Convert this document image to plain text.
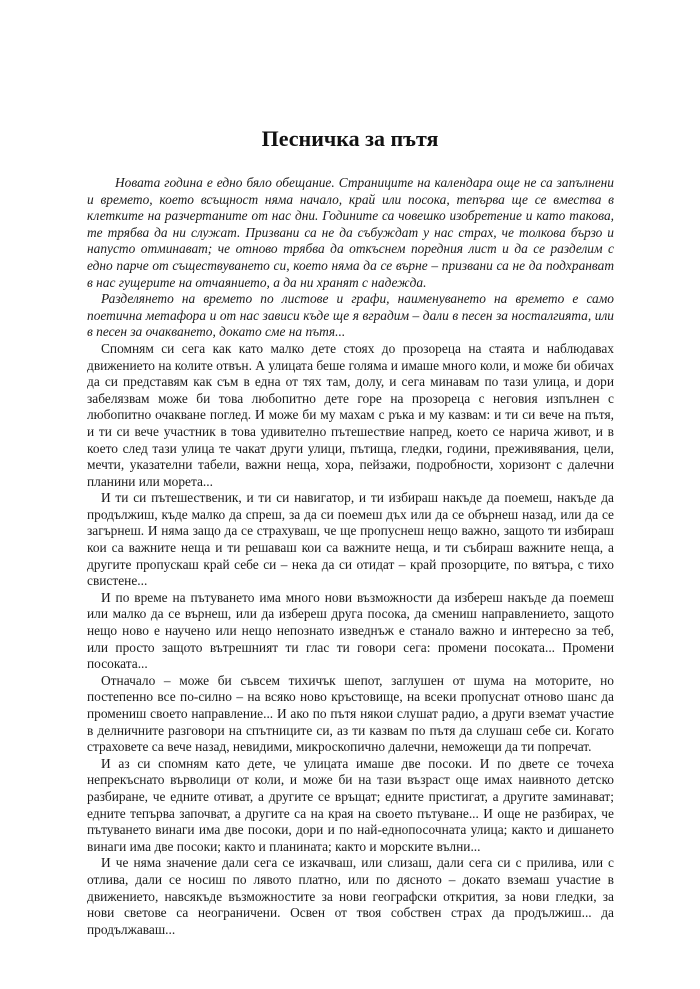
Песничка за пътя

Новата година е едно бяло обещание. Страниците на календара още не са запълнени и времето, което всъщност няма начало, край или посока, тепърва ще се вмества в клетките на разчертаните от нас дни. Годините са човешко изобретение и като такова, те трябва да ни служат. Призвани са не да събуждат у нас страх, че толкова бързо и напусто отминават; че отново трябва да откъснем поредния лист и да се разделим с едно парче от съществуването си, което няма да се върне – призвани са не да подхранват в нас гущерите на отчаянието, а да ни хранят с надежда.

Разделянето на времето по листове и графи, наименуването на времето е само поетична метафора и от нас зависи къде ще я вградим – дали в песен за носталгията, или в песен за очакването, докато сме на пътя...

Спомням си сега как като малко дете стоях до прозореца на стаята и наблюдавах движението на колите отвън. А улицата беше голяма и имаше много коли, и може би обичах да си представям как съм в една от тях там, долу, и сега минавам по тази улица, и дори забелязвам може би това любопитно дете горе на прозореца с неговия изпълнен с любопитно очакване поглед. И може би му махам с ръка и му казвам: и ти си вече на пътя, и ти си вече участник в това удивително пътешествие напред, което се нарича живот, и в което след тази улица те чакат други улици, пътища, гледки, години, преживявания, цели, мечти, указателни табели, важни неща, хора, пейзажи, подробности, хоризонт с далечни планини или морета...

И ти си пътешественик, и ти си навигатор, и ти избираш накъде да поемеш, накъде да продължиш, къде малко да спреш, за да си поемеш дъх или да се обърнеш назад, или да се загърнеш. И няма защо да се страхуваш, че ще пропуснеш нещо важно, защото ти избираш кои са важните неща и ти решаваш кои са важните неща, и ти събираш важните неща, а другите пропускаш край себе си – нека да си отидат – край прозорците, по вятъра, с тихо свистене...

И по време на пътуването има много нови възможности да избереш накъде да поемеш или малко да се върнеш, или да избереш друга посока, да смениш направлението, защото нещо ново е научено или нещо непознато изведнъж е станало важно и интересно за теб, или просто защото вътрешният ти глас ти говори сега: промени посоката... Промени посоката...

Отначало – може би съвсем тихичък шепот, заглушен от шума на моторите, но постепенно все по-силно – на всяко ново кръстовище, на всеки пропуснат отново шанс да промениш своето направление... И ако по пътя някои слушат радио, а други вземат участие в делничните разговори на спътниците си, аз ти казвам по пътя да слушаш себе си. Когато страховете са вече назад, невидими, микроскопично далечни, неможещи да ти попречат.

И аз си спомням като дете, че улицата имаше две посоки. И по двете се точеха непрекъснато върволици от коли, и може би на тази възраст още имах наивното детско разбиране, че едните отиват, а другите се връщат; едните пристигат, а другите заминават; едните тепърва започват, а другите са на края на своето пътуване... И още не разбирах, че пътуването винаги има две посоки, дори и по най-еднопосочната улица; както и дишането винаги има две посоки; както и планината; както и морските вълни...

И че няма значение дали сега се изкачваш, или слизаш, дали сега си с прилива, или с отлива, дали се носиш по лявото платно, или по дясното – докато вземаш участие в движението, навсякъде възможностите за нови географски открития, за нови гледки, за нови светове са неограничени. Освен от твоя собствен страх да продължиш... да продължаваш...
